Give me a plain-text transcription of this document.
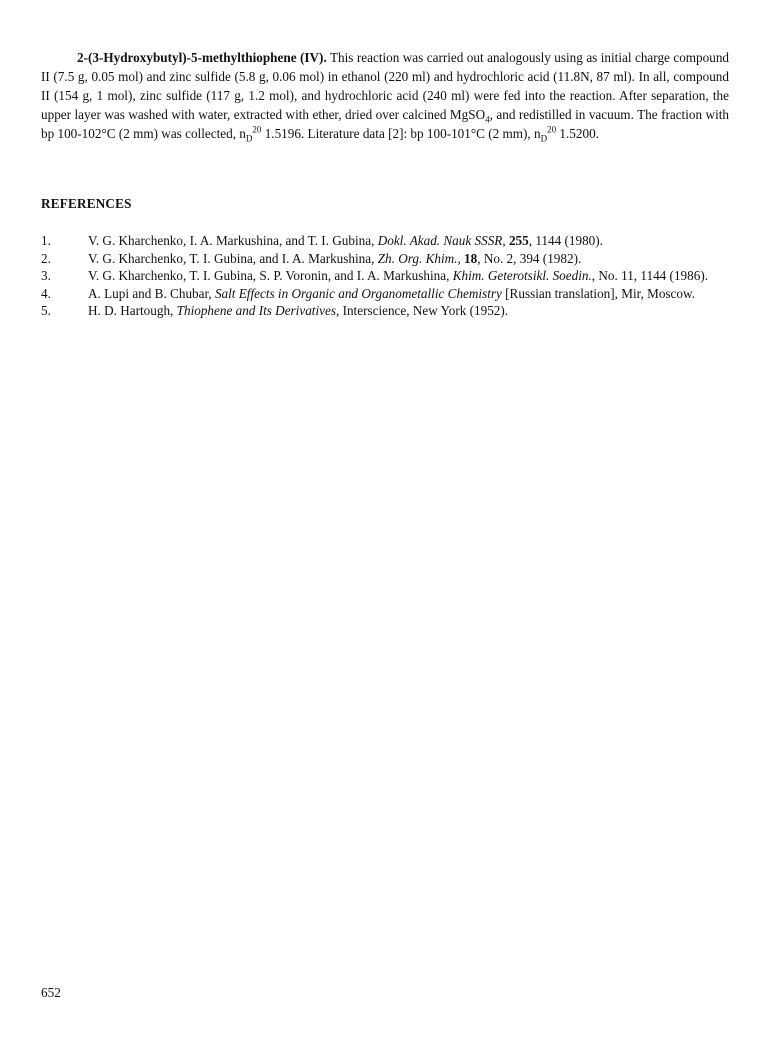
2-(3-Hydroxybutyl)-5-methylthiophene (IV). This reaction was carried out analogously using as initial charge compound II (7.5 g, 0.05 mol) and zinc sulfide (5.8 g, 0.06 mol) in ethanol (220 ml) and hydrochloric acid (11.8N, 87 ml). In all, compound II (154 g, 1 mol), zinc sulfide (117 g, 1.2 mol), and hydrochloric acid (240 ml) were fed into the reaction. After separation, the upper layer was washed with water, extracted with ether, dried over calcined MgSO$_4$, and redistilled in vacuum. The fraction with bp 100-102°C (2 mm) was collected, $n_D^{20}$ 1.5196. Literature data [2]: bp 100-101°C (2 mm), $n_D^{20}$ 1.5200.

REFERENCES
1.	V. G. Kharchenko, I. A. Markushina, and T. I. Gubina, Dokl. Akad. Nauk SSSR, 255, 1144 (1980).
2.	V. G. Kharchenko, T. I. Gubina, and I. A. Markushina, Zh. Org. Khim., 18, No. 2, 394 (1982).
3.	V. G. Kharchenko, T. I. Gubina, S. P. Voronin, and I. A. Markushina, Khim. Geterotsikl. Soedin., No. 11, 1144 (1986).
4.	A. Lupi and B. Chubar, Salt Effects in Organic and Organometallic Chemistry [Russian translation], Mir, Moscow.
5.	H. D. Hartough, Thiophene and Its Derivatives, Interscience, New York (1952).

652
